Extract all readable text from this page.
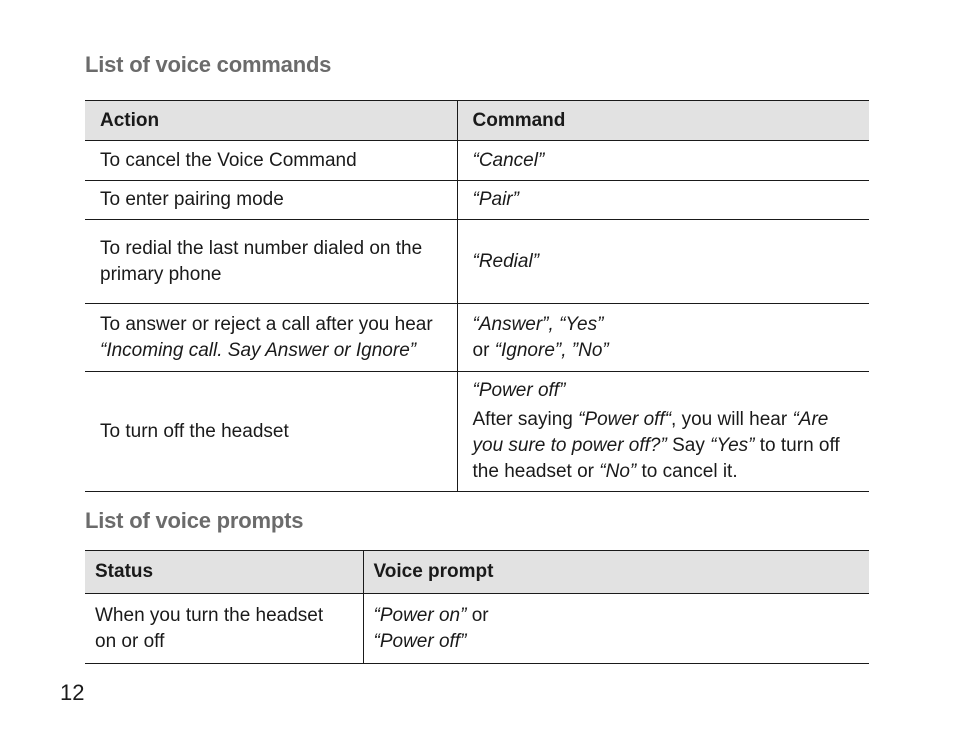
List of voice commands
Action	Command
To cancel the Voice Command	“Cancel”
To enter pairing mode	“Pair”

To redial the last number dialed on the
primary phone	“Redial”

To answer or reject a call after you hear
“Incoming call. Say Answer or Ignore”	“Answer”, “Yes”
or “Ignore”, ”No”

To turn off the headset	“Power off”
After saying “Power off“, you will hear “Are
you sure to power off?” Say “Yes” to turn off
the headset or “No” to cancel it.
List of voice prompts
Status	Voice prompt

When you turn the headset
on or off	“Power on” or
“Power off”
12
